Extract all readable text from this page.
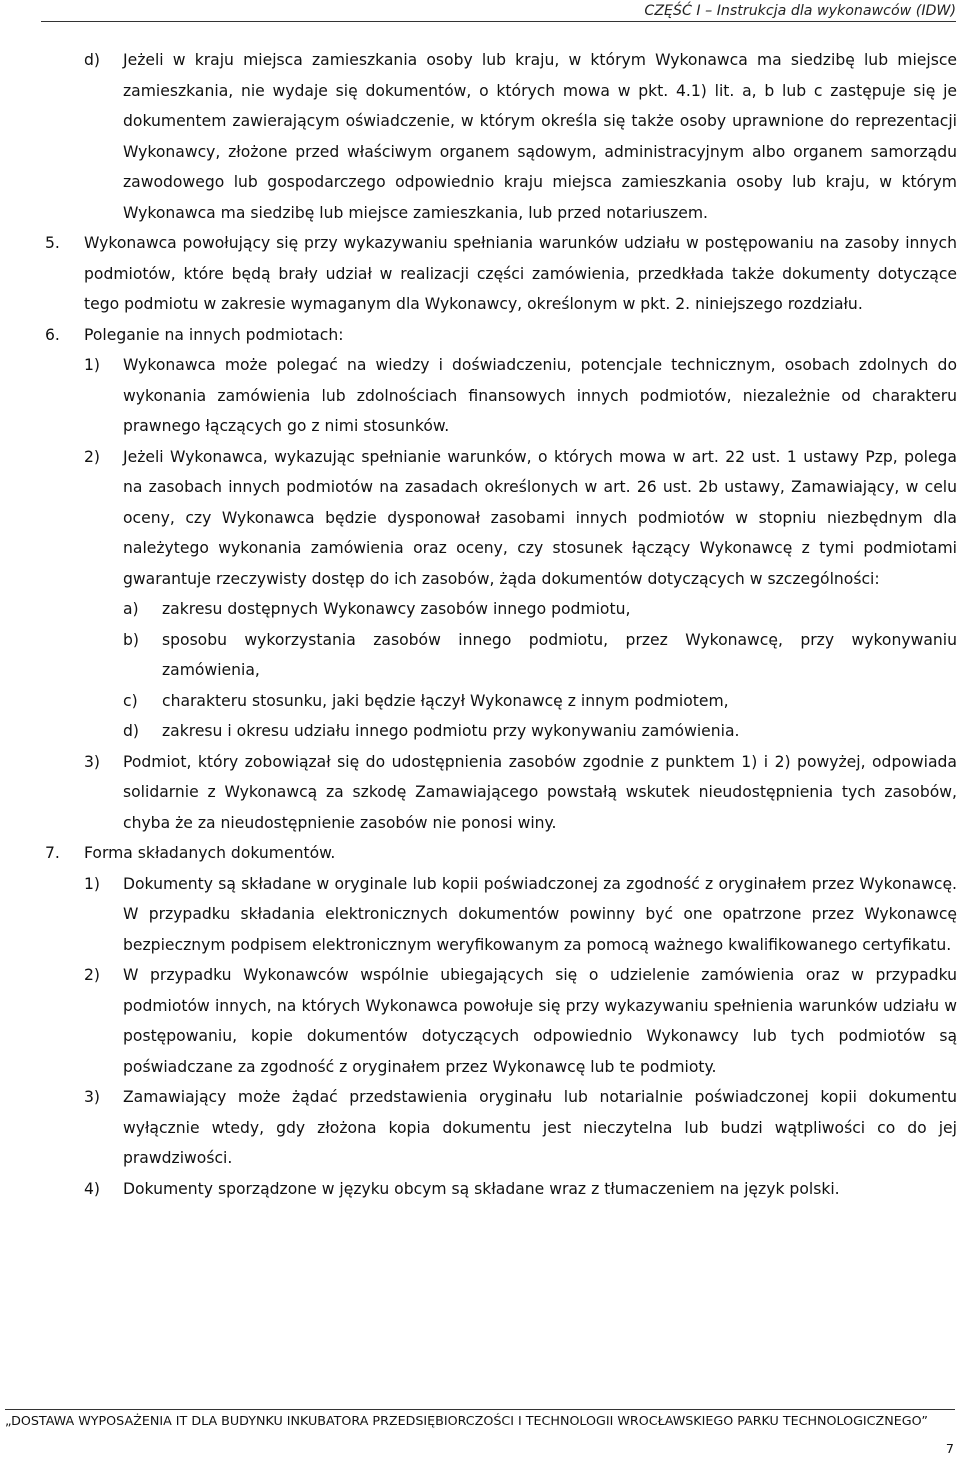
CZĘŚĆ I – Instrukcja dla wykonawców (IDW)
d) Jeżeli w kraju miejsca zamieszkania osoby lub kraju, w którym Wykonawca ma siedzibę lub miejsce zamieszkania, nie wydaje się dokumentów, o których mowa w pkt. 4.1) lit. a, b lub c zastępuje się je dokumentem zawierającym oświadczenie, w którym określa się także osoby uprawnione do reprezentacji Wykonawcy, złożone przed właściwym organem sądowym, administracyjnym albo organem samorządu zawodowego lub gospodarczego odpowiednio kraju miejsca zamieszkania osoby lub kraju, w którym Wykonawca ma siedzibę lub miejsce zamieszkania, lub przed notariuszem.
5. Wykonawca powołujący się przy wykazywaniu spełniania warunków udziału w postępowaniu na zasoby innych podmiotów, które będą brały udział w realizacji części zamówienia, przedkłada także dokumenty dotyczące tego podmiotu w zakresie wymaganym dla Wykonawcy, określonym w pkt. 2. niniejszego rozdziału.
6. Poleganie na innych podmiotach:
1) Wykonawca może polegać na wiedzy i doświadczeniu, potencjale technicznym, osobach zdolnych do wykonania zamówienia lub zdolnościach finansowych innych podmiotów, niezależnie od charakteru prawnego łączących go z nimi stosunków.
2) Jeżeli Wykonawca, wykazując spełnianie warunków, o których mowa w art. 22 ust. 1 ustawy Pzp, polega na zasobach innych podmiotów na zasadach określonych w art. 26 ust. 2b ustawy, Zamawiający, w celu oceny, czy Wykonawca będzie dysponował zasobami innych podmiotów w stopniu niezbędnym dla należytego wykonania zamówienia oraz oceny, czy stosunek łączący Wykonawcę z tymi podmiotami gwarantuje rzeczywisty dostęp do ich zasobów, żąda dokumentów dotyczących w szczególności:
a) zakresu dostępnych Wykonawcy zasobów innego podmiotu,
b) sposobu wykorzystania zasobów innego podmiotu, przez Wykonawcę, przy wykonywaniu zamówienia,
c) charakteru stosunku, jaki będzie łączył Wykonawcę z innym podmiotem,
d) zakresu i okresu udziału innego podmiotu przy wykonywaniu zamówienia.
3) Podmiot, który zobowiązał się do udostępnienia zasobów zgodnie z punktem 1) i 2) powyżej, odpowiada solidarnie z Wykonawcą za szkodę Zamawiającego powstałą wskutek nieudostępnienia tych zasobów, chyba że za nieudostępnienie zasobów nie ponosi winy.
7. Forma składanych dokumentów.
1) Dokumenty są składane w oryginale lub kopii poświadczonej za zgodność z oryginałem przez Wykonawcę. W przypadku składania elektronicznych dokumentów powinny być one opatrzone przez Wykonawcę bezpiecznym podpisem elektronicznym weryfikowanym za pomocą ważnego kwalifikowanego certyfikatu.
2) W przypadku Wykonawców wspólnie ubiegających się o udzielenie zamówienia oraz w przypadku podmiotów innych, na których Wykonawca powołuje się przy wykazywaniu spełnienia warunków udziału w postępowaniu, kopie dokumentów dotyczących odpowiednio Wykonawcy lub tych podmiotów są poświadczane za zgodność z oryginałem przez Wykonawcę lub te podmioty.
3) Zamawiający może żądać przedstawienia oryginału lub notarialnie poświadczonej kopii dokumentu wyłącznie wtedy, gdy złożona kopia dokumentu jest nieczytelna lub budzi wątpliwości co do jej prawdziwości.
4) Dokumenty sporządzone w języku obcym są składane wraz z tłumaczeniem na język polski.
„DOSTAWA WYPOSAŻENIA IT DLA BUDYNKU INKUBATORA PRZEDSIĘBIORCZOŚCI I TECHNOLOGII WROCŁAWSKIEGO PARKU TECHNOLOGICZNEGO”
7
